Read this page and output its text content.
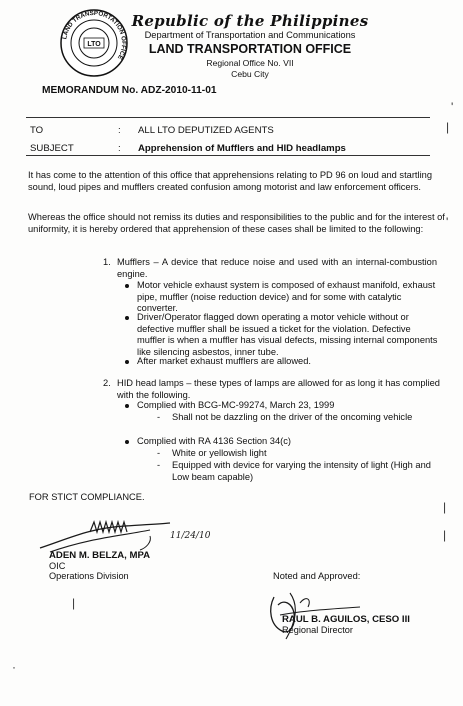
LAND TRANSPORTATION OFFICE
LTO
Republic of the Philippines
Department of Transportation and Communications
LAND TRANSPORTATION OFFICE
Regional Office No. VII
Cebu City
MEMORANDUM No. ADZ-2010-11-01
TO	: ALL LTO DEPUTIZED AGENTS
SUBJECT	: Apprehension of Mufflers and HID headlamps
It has come to the attention of this office that apprehensions relating to PD 96 on loud and startling sound, loud pipes and mufflers created confusion among motorist and law enforcement officers.
Whereas the office should not remiss its duties and responsibilities to the public and for the interest of uniformity, it is hereby ordered that apprehension of these cases shall be limited to the following:
1. Mufflers – A device that reduce noise and used with an internal-combustion engine.
Motor vehicle exhaust system is composed of exhaust manifold, exhaust pipe, muffler (noise reduction device) and for some with catalytic converter.
Driver/Operator flagged down operating a motor vehicle without or defective muffler shall be issued a ticket for the violation. Defective muffler is when a muffler has visual defects, missing internal components like silencing asbestos, inner tube.
After market exhaust mufflers are allowed.
2. HID head lamps – these types of lamps are allowed for as long it has complied with the following.
Complied with BCG-MC-99274, March 23, 1999
- Shall not be dazzling on the driver of the oncoming vehicle
Complied with RA 4136 Section 34(c)
- White or yellowish light
- Equipped with device for varying the intensity of light (High and Low beam capable)
FOR STICT COMPLIANCE.
11/24/10
ADEN M. BELZA, MPA
OIC
Operations Division	Noted and Approved:
RAUL B. AGUILOS, CESO III
Regional Director
'
|
'
|
|
|
·
